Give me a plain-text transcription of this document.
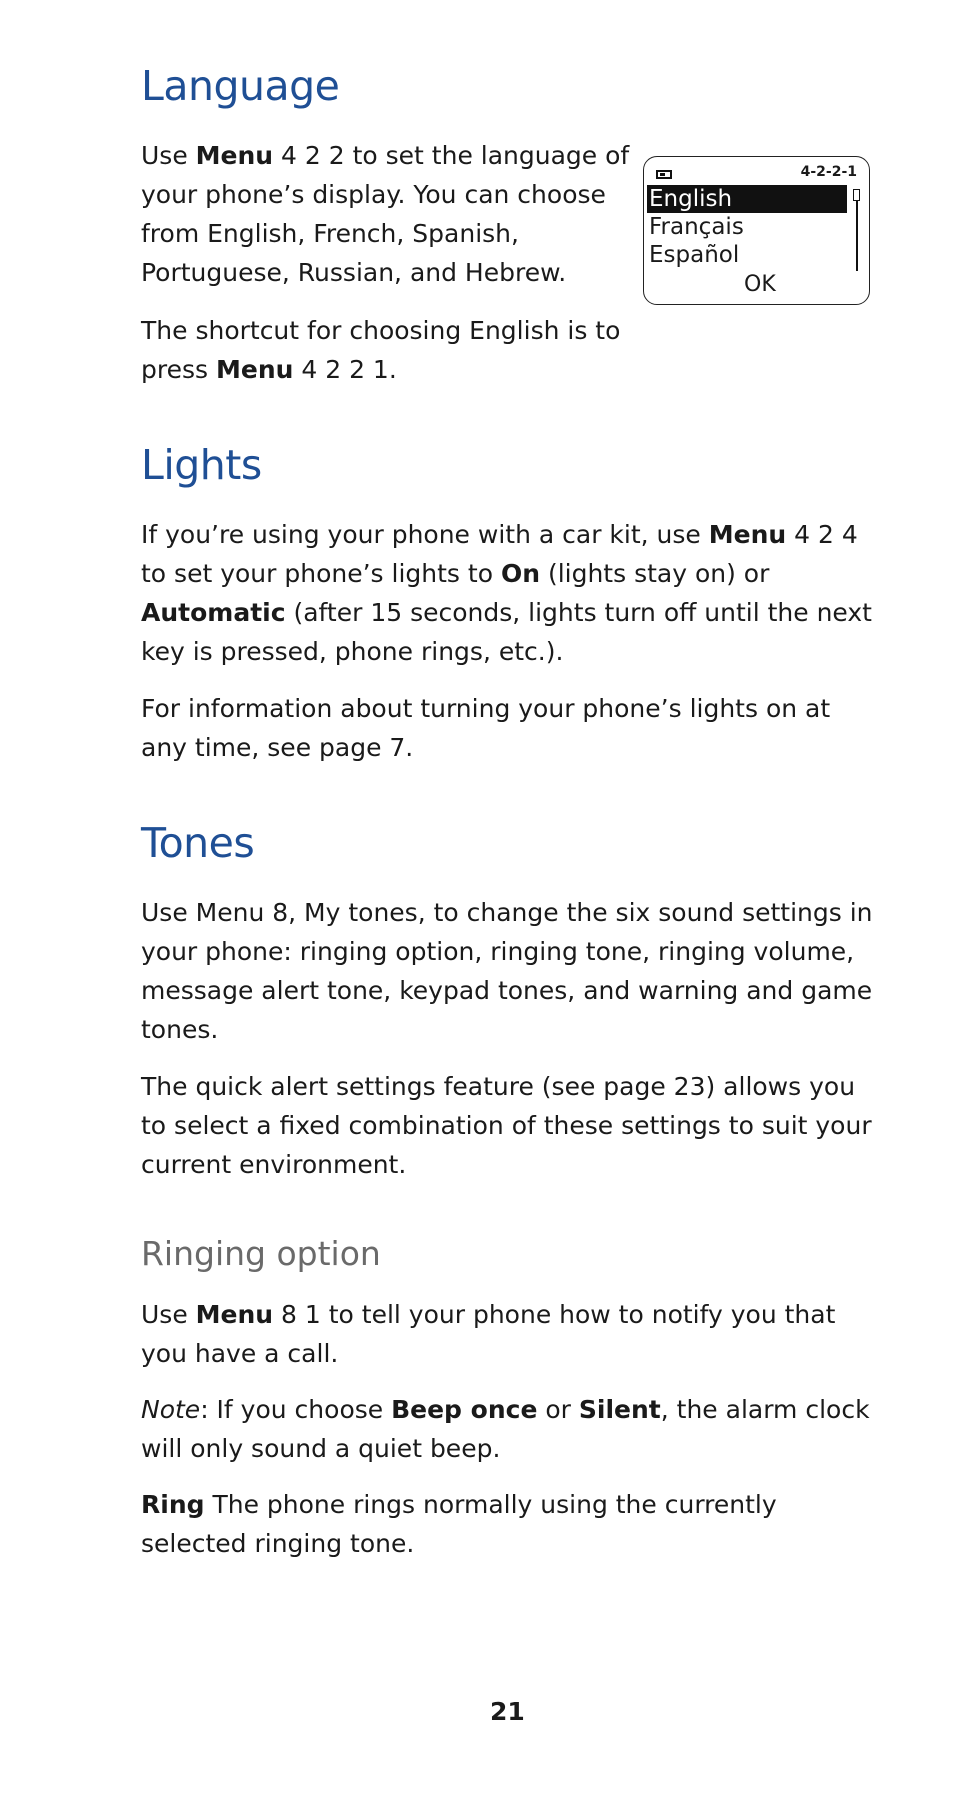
Language

Use Menu 4 2 2 to set the language of your phone’s display. You can choose from English, French, Spanish, Portuguese, Russian, and Hebrew.

The shortcut for choosing English is to press Menu 4 2 2 1.

4-2-2-1
English
Français
Español
OK
Lights

If you’re using your phone with a car kit, use Menu 4 2 4 to set your phone’s lights to On (lights stay on) or Automatic (after 15 seconds, lights turn off until the next key is pressed, phone rings, etc.).

For information about turning your phone’s lights on at any time, see page 7.

Tones

Use Menu 8, My tones, to change the six sound settings in your phone: ringing option, ringing tone, ringing volume, message alert tone, keypad tones, and warning and game tones.

The quick alert settings feature (see page 23) allows you to select a fixed combination of these settings to suit your current environment.

Ringing option

Use Menu 8 1 to tell your phone how to notify you that you have a call.

Note: If you choose Beep once or Silent, the alarm clock will only sound a quiet beep.

Ring The phone rings normally using the currently selected ringing tone.

21
